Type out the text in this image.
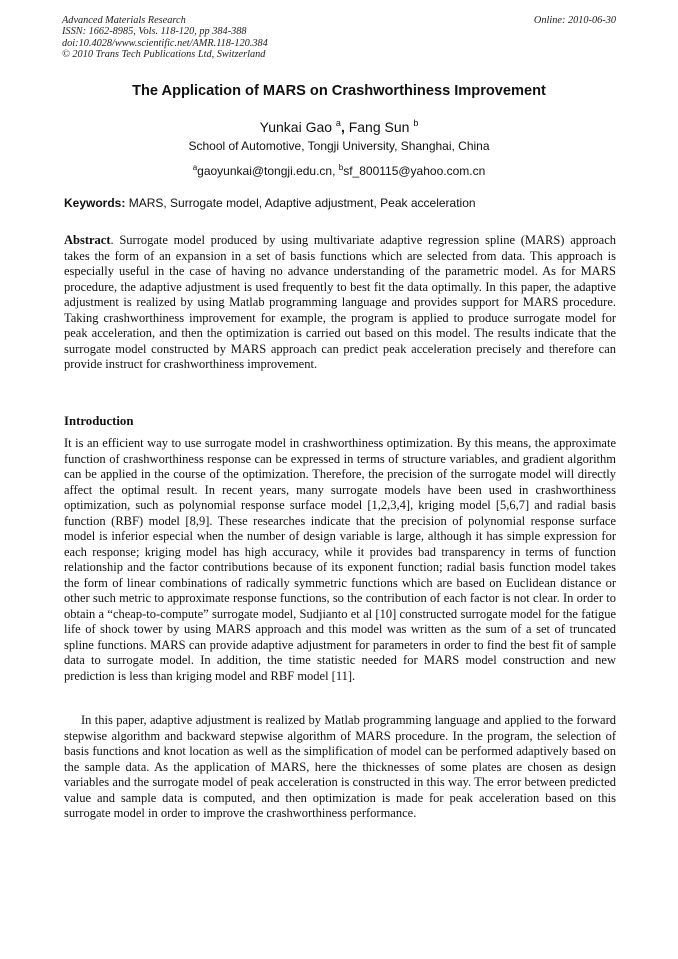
Advanced Materials Research
ISSN: 1662-8985, Vols. 118-120, pp 384-388
doi:10.4028/www.scientific.net/AMR.118-120.384
© 2010 Trans Tech Publications Ltd, Switzerland
Online: 2010-06-30
The Application of MARS on Crashworthiness Improvement
Yunkai Gao $^a$, Fang Sun $^b$
School of Automotive, Tongji University, Shanghai, China
$^a$gaoyunkai@tongji.edu.cn, $^b$sf_800115@yahoo.com.cn
Keywords: MARS, Surrogate model, Adaptive adjustment, Peak acceleration
Abstract. Surrogate model produced by using multivariate adaptive regression spline (MARS) approach takes the form of an expansion in a set of basis functions which are selected from data. This approach is especially useful in the case of having no advance understanding of the parametric model. As for MARS procedure, the adaptive adjustment is used frequently to best fit the data optimally. In this paper, the adaptive adjustment is realized by using Matlab programming language and provides support for MARS procedure. Taking crashworthiness improvement for example, the program is applied to produce surrogate model for peak acceleration, and then the optimization is carried out based on this model. The results indicate that the surrogate model constructed by MARS approach can predict peak acceleration precisely and therefore can provide instruct for crashworthiness improvement.
Introduction
It is an efficient way to use surrogate model in crashworthiness optimization. By this means, the approximate function of crashworthiness response can be expressed in terms of structure variables, and gradient algorithm can be applied in the course of the optimization. Therefore, the precision of the surrogate model will directly affect the optimal result. In recent years, many surrogate models have been used in crashworthiness optimization, such as polynomial response surface model [1,2,3,4], kriging model [5,6,7] and radial basis function (RBF) model [8,9]. These researches indicate that the precision of polynomial response surface model is inferior especial when the number of design variable is large, although it has simple expression for each response; kriging model has high accuracy, while it provides bad transparency in terms of function relationship and the factor contributions because of its exponent function; radial basis function model takes the form of linear combinations of radically symmetric functions which are based on Euclidean distance or other such metric to approximate response functions, so the contribution of each factor is not clear. In order to obtain a “cheap-to-compute” surrogate model, Sudjianto et al [10] constructed surrogate model for the fatigue life of shock tower by using MARS approach and this model was written as the sum of a set of truncated spline functions. MARS can provide adaptive adjustment for parameters in order to find the best fit of sample data to surrogate model. In addition, the time statistic needed for MARS model construction and new prediction is less than kriging model and RBF model [11].
In this paper, adaptive adjustment is realized by Matlab programming language and applied to the forward stepwise algorithm and backward stepwise algorithm of MARS procedure. In the program, the selection of basis functions and knot location as well as the simplification of model can be performed adaptively based on the sample data. As the application of MARS, here the thicknesses of some plates are chosen as design variables and the surrogate model of peak acceleration is constructed in this way. The error between predicted value and sample data is computed, and then optimization is made for peak acceleration based on this surrogate model in order to improve the crashworthiness performance.
